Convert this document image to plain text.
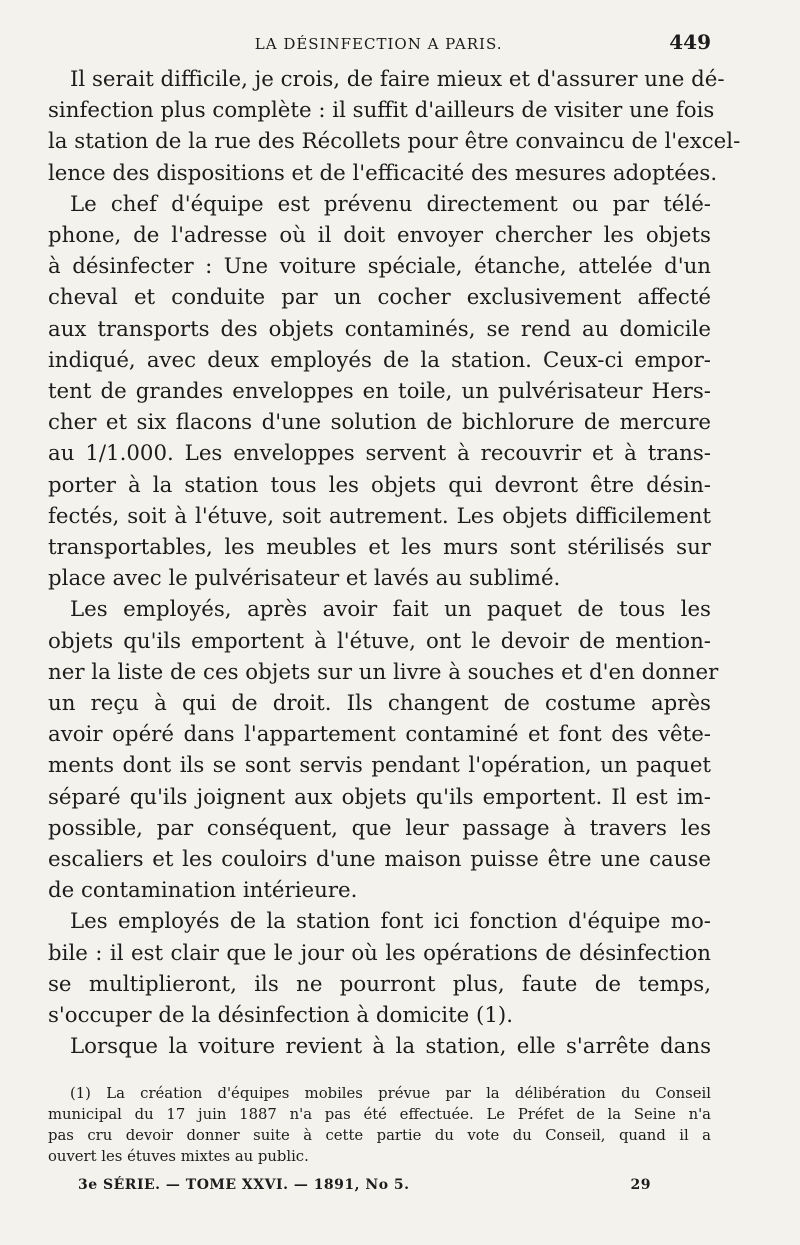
LA DÉSINFECTION A PARIS.	449
Il serait difficile, je crois, de faire mieux et d'assurer une dé-
sinfection plus complète : il suffit d'ailleurs de visiter une fois
la station de la rue des Récollets pour être convaincu de l'excel-
lence des dispositions et de l'efficacité des mesures adoptées.
Le chef d'équipe est prévenu directement ou par télé-
phone, de l'adresse où il doit envoyer chercher les objets
à désinfecter : Une voiture spéciale, étanche, attelée d'un
cheval et conduite par un cocher exclusivement affecté
aux transports des objets contaminés, se rend au domicile
indiqué, avec deux employés de la station. Ceux-ci empor-
tent de grandes enveloppes en toile, un pulvérisateur Hers-
cher et six flacons d'une solution de bichlorure de mercure
au 1/1.000. Les enveloppes servent à recouvrir et à trans-
porter à la station tous les objets qui devront être désin-
fectés, soit à l'étuve, soit autrement. Les objets difficilement
transportables, les meubles et les murs sont stérilisés sur
place avec le pulvérisateur et lavés au sublimé.
Les employés, après avoir fait un paquet de tous les
objets qu'ils emportent à l'étuve, ont le devoir de mention-
ner la liste de ces objets sur un livre à souches et d'en donner
un reçu à qui de droit. Ils changent de costume après
avoir opéré dans l'appartement contaminé et font des vête-
ments dont ils se sont servis pendant l'opération, un paquet
séparé qu'ils joignent aux objets qu'ils emportent. Il est im-
possible, par conséquent, que leur passage à travers les
escaliers et les couloirs d'une maison puisse être une cause
de contamination intérieure.
Les employés de la station font ici fonction d'équipe mo-
bile : il est clair que le jour où les opérations de désinfection
se multiplieront, ils ne pourront plus, faute de temps,
s'occuper de la désinfection à domicite (1).
Lorsque la voiture revient à la station, elle s'arrête dans
(1) La création d'équipes mobiles prévue par la délibération du Conseil
municipal du 17 juin 1887 n'a pas été effectuée. Le Préfet de la Seine n'a
pas cru devoir donner suite à cette partie du vote du Conseil, quand il a
ouvert les étuves mixtes au public.
3e SÉRIE. — TOME XXVI. — 1891, No 5.	29
